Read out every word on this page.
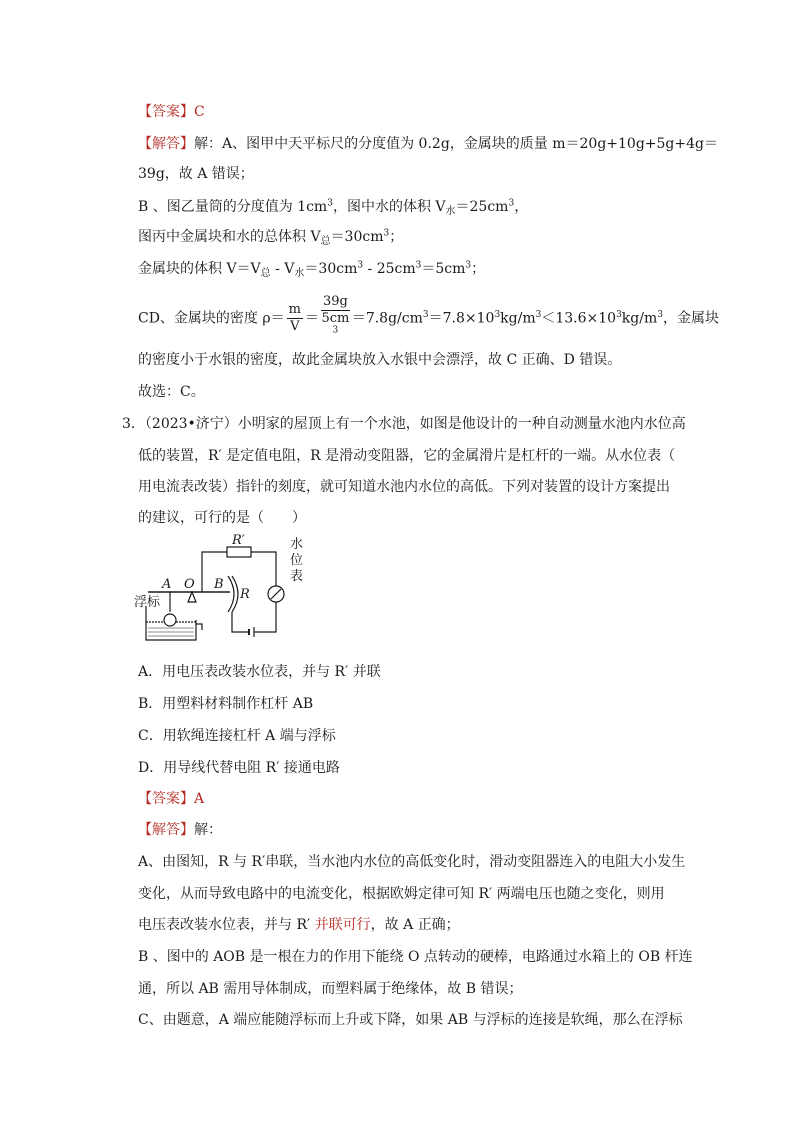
【答案】C
【解答】解：A、图甲中天平标尺的分度值为 0.2g，金属块的质量 m＝20g+10g+5g+4g＝
39g，故 A 错误；
B 、图乙量筒的分度值为 $1cm^3$，图中水的体积 $V_水=25cm^3$，
图丙中金属块和水的总体积 $V_总=30cm^3$；
金属块的体积 $V=V_总 - V_水=30cm^3 - 25cm^3=5cm^3$；
CD、金属块的密度 $\rho= \frac{m}{V} = 39g$
5cm
$^3 =7.8g/cm^3=7.8\times 10^3kg/m^3<13.6\times 10^3kg/m^3$，金属块
的密度小于水银的密度，故此金属块放入水银中会漂浮，故 C 正确、D 错误。
故选：C。
3．（2023•济宁）小明家的屋顶上有一个水池，如图是他设计的一种自动测量水池内水位高
低的装置，R′ 是定值电阻，R 是滑动变阻器，它的金属滑片是杠杆的一端。从水位表（
用电流表改装）指针的刻度，就可知道水池内水位的高低。下列对装置的设计方案提出
的建议，可行的是（　　）
R′
R
A O B
浮标
水
位
表
A．用电压表改装水位表，并与 R′ 并联
B．用塑料材料制作杠杆 AB
C．用软绳连接杠杆 A 端与浮标
D．用导线代替电阻 R′ 接通电路
【答案】A
【解答】解：
A、由图知，R 与 R′串联，当水池内水位的高低变化时，滑动变阻器连入的电阻大小发生
变化，从而导致电路中的电流变化，根据欧姆定律可知 R′ 两端电压也随之变化，则用
电压表改装水位表，并与 R′ 并联可行，故 A 正确；
B 、图中的 AOB 是一根在力的作用下能绕 O 点转动的硬棒，电路通过水箱上的 OB 杆连
通，所以 AB 需用导体制成，而塑料属于绝缘体，故 B 错误；
C、由题意，A 端应能随浮标而上升或下降，如果 AB 与浮标的连接是软绳，那么在浮标
